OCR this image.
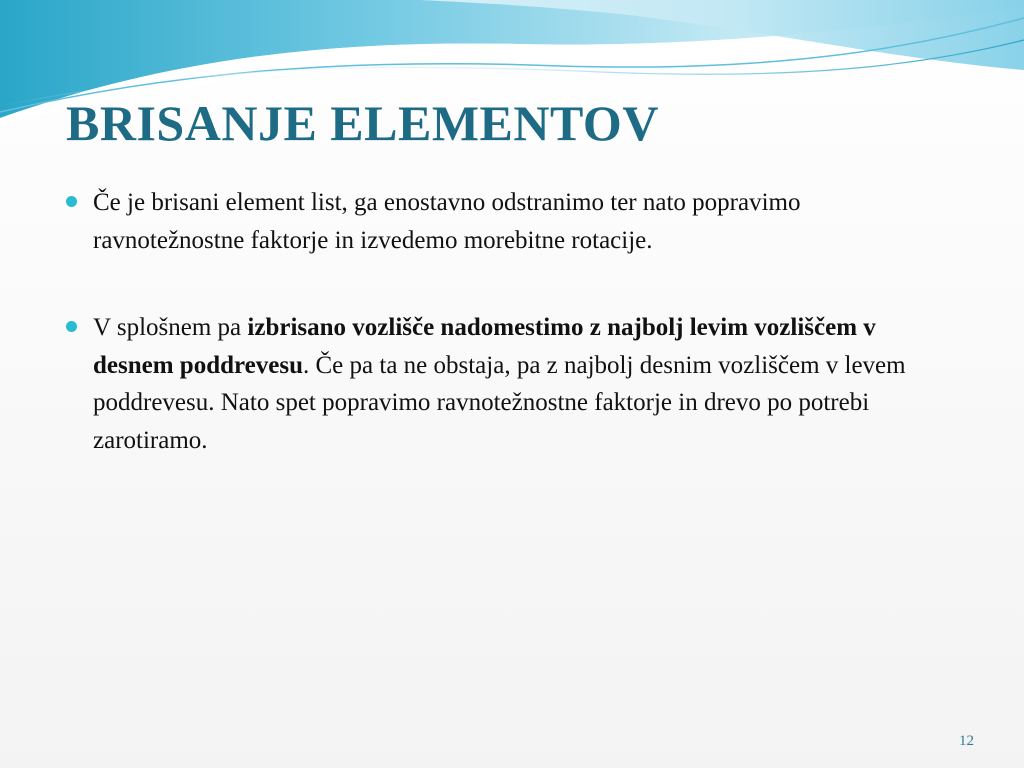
BRISANJE ELEMENTOV
Če je brisani element list, ga enostavno odstranimo ter nato popravimo ravnotežnostne faktorje in izvedemo morebitne rotacije.
V splošnem pa izbrisano vozlišče nadomestimo z najbolj levim vozliščem v desnem poddrevesu. Če pa ta ne obstaja, pa z najbolj desnim vozliščem v levem poddrevesu. Nato spet popravimo ravnotežnostne faktorje in drevo po potrebi zarotiramo.
12
